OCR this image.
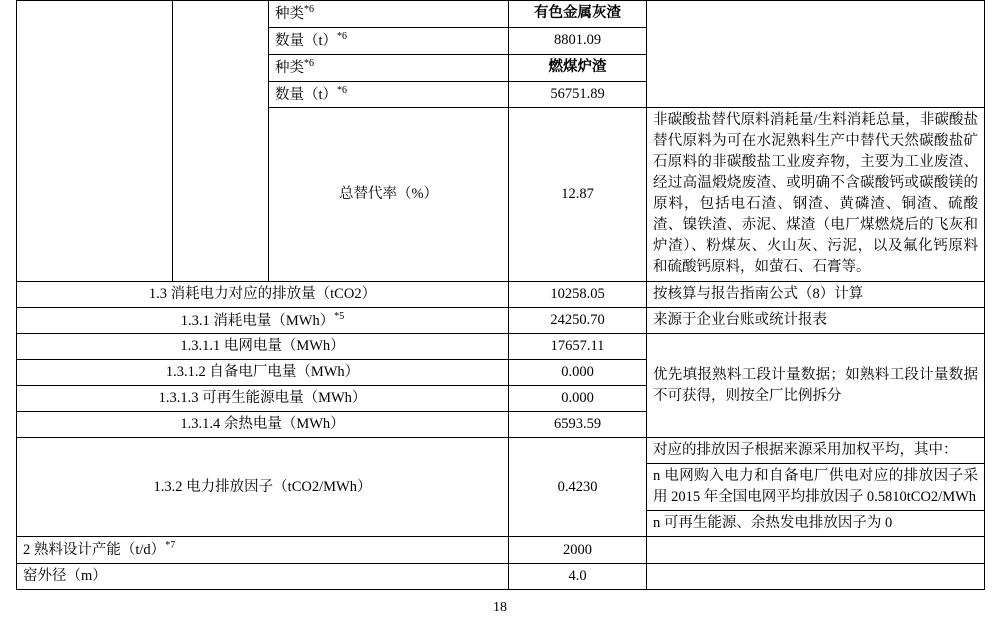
		种类$^{*6}$	有色金属灰渣	
		数量$(t)^{*6}$	8801.09	
		种类$^{*6}$	燃煤炉渣	
		数量$(t)^{*6}$	56751.89	
		总替代率（%）	12.87	非碳酸盐替代原料消耗量/生料消耗总量，非碳酸盐替代原料为可在水泥熟料生产中替代天然碳酸盐矿石原料的非碳酸盐工业废弃物，主要为工业废渣、经过高温煅烧废渣、或明确不含碳酸钙或碳酸镁的原料，包括电石渣、钢渣、黄磷渣、铜渣、硫酸渣、镍铁渣、赤泥、煤渣（电厂煤燃烧后的飞灰和炉渣）、粉煤灰、火山灰、污泥，以及氟化钙原料和硫酸钙原料，如萤石、石膏等。
1.3 消耗电力对应的排放量（tCO2）			10258.05	按核算与报告指南公式（8）计算
1.3.1 消耗电量（MWh）$^{*5}$			24250.70	来源于企业台账或统计报表
1.3.1.1 电网电量（MWh）			17657.11	优先填报熟料工段计量数据；如熟料工段计量数据不可获得，则按全厂比例拆分
1.3.1.2 自备电厂电量（MWh）			0.000	
1.3.1.3 可再生能源电量（MWh）			0.000	
1.3.1.4 余热电量（MWh）			6593.59	
1.3.2 电力排放因子（tCO2/MWh）			0.4230	对应的排放因子根据来源采用加权平均，其中：
				n 电网购入电力和自备电厂供电对应的排放因子采用 2015 年全国电网平均排放因子 0.5810tCO2/MWh
				n 可再生能源、余热发电排放因子为 0
2 熟料设计产能$(t/d)^{*7}$			2000	
窑外径（m）			4.0	
18
